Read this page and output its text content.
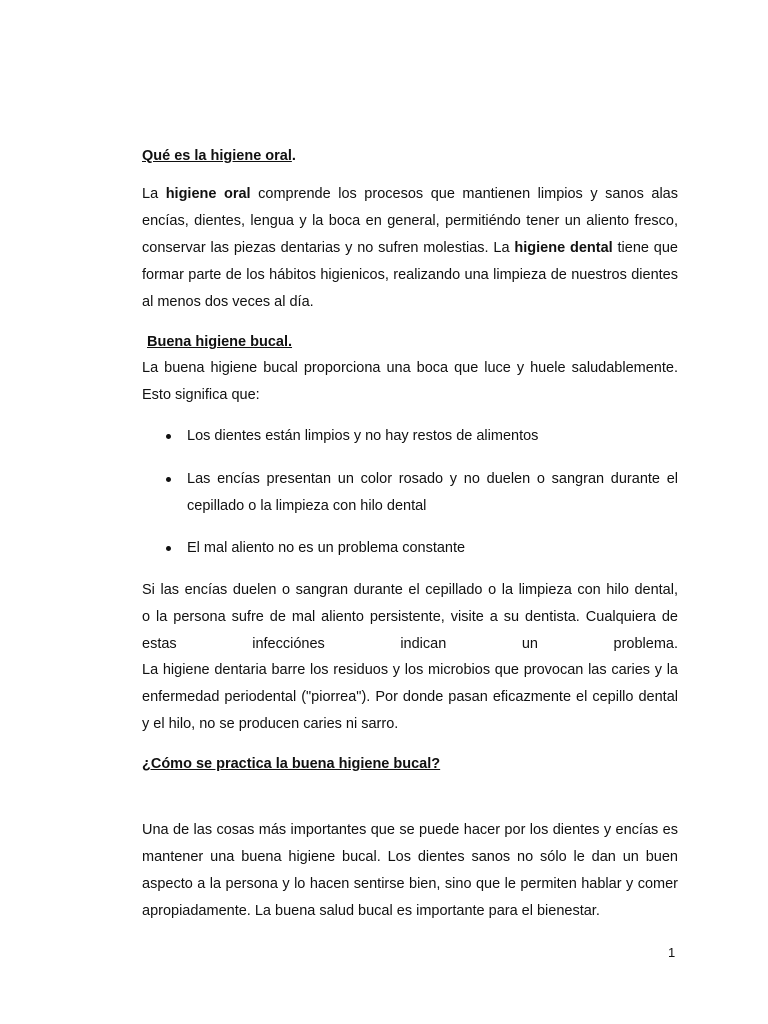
Qué es la higiene oral.
La higiene oral comprende los procesos que mantienen limpios y sanos alas encías, dientes, lengua y la boca en general, permitiéndo tener un aliento fresco, conservar las piezas dentarias y no sufren molestias. La higiene dental tiene que formar parte de los hábitos higienicos, realizando una limpieza de nuestros dientes al menos dos veces al día.
Buena higiene bucal.
La buena higiene bucal proporciona una boca que luce y huele saludablemente. Esto significa que:
Los dientes están limpios y no hay restos de alimentos
Las encías presentan un color rosado y no duelen o sangran durante el cepillado o la limpieza con hilo dental
El mal aliento no es un problema constante
Si las encías duelen o sangran durante el cepillado o la limpieza con hilo dental,
o la persona sufre de mal aliento persistente, visite a su dentista. Cualquiera de
estas infecciónes indican un problema.
La higiene dentaria barre los residuos y los microbios que provocan las caries y la enfermedad periodental ("piorrea"). Por donde pasan eficazmente el cepillo dental y el hilo, no se producen caries ni sarro.
¿Cómo se practica la buena higiene bucal?
Una de las cosas más importantes que se puede hacer por los dientes y encías es mantener una buena higiene bucal. Los dientes sanos no sólo le dan un buen aspecto a la persona y lo hacen sentirse bien, sino que le permiten hablar y comer apropiadamente. La buena salud bucal es importante para el bienestar.
1
